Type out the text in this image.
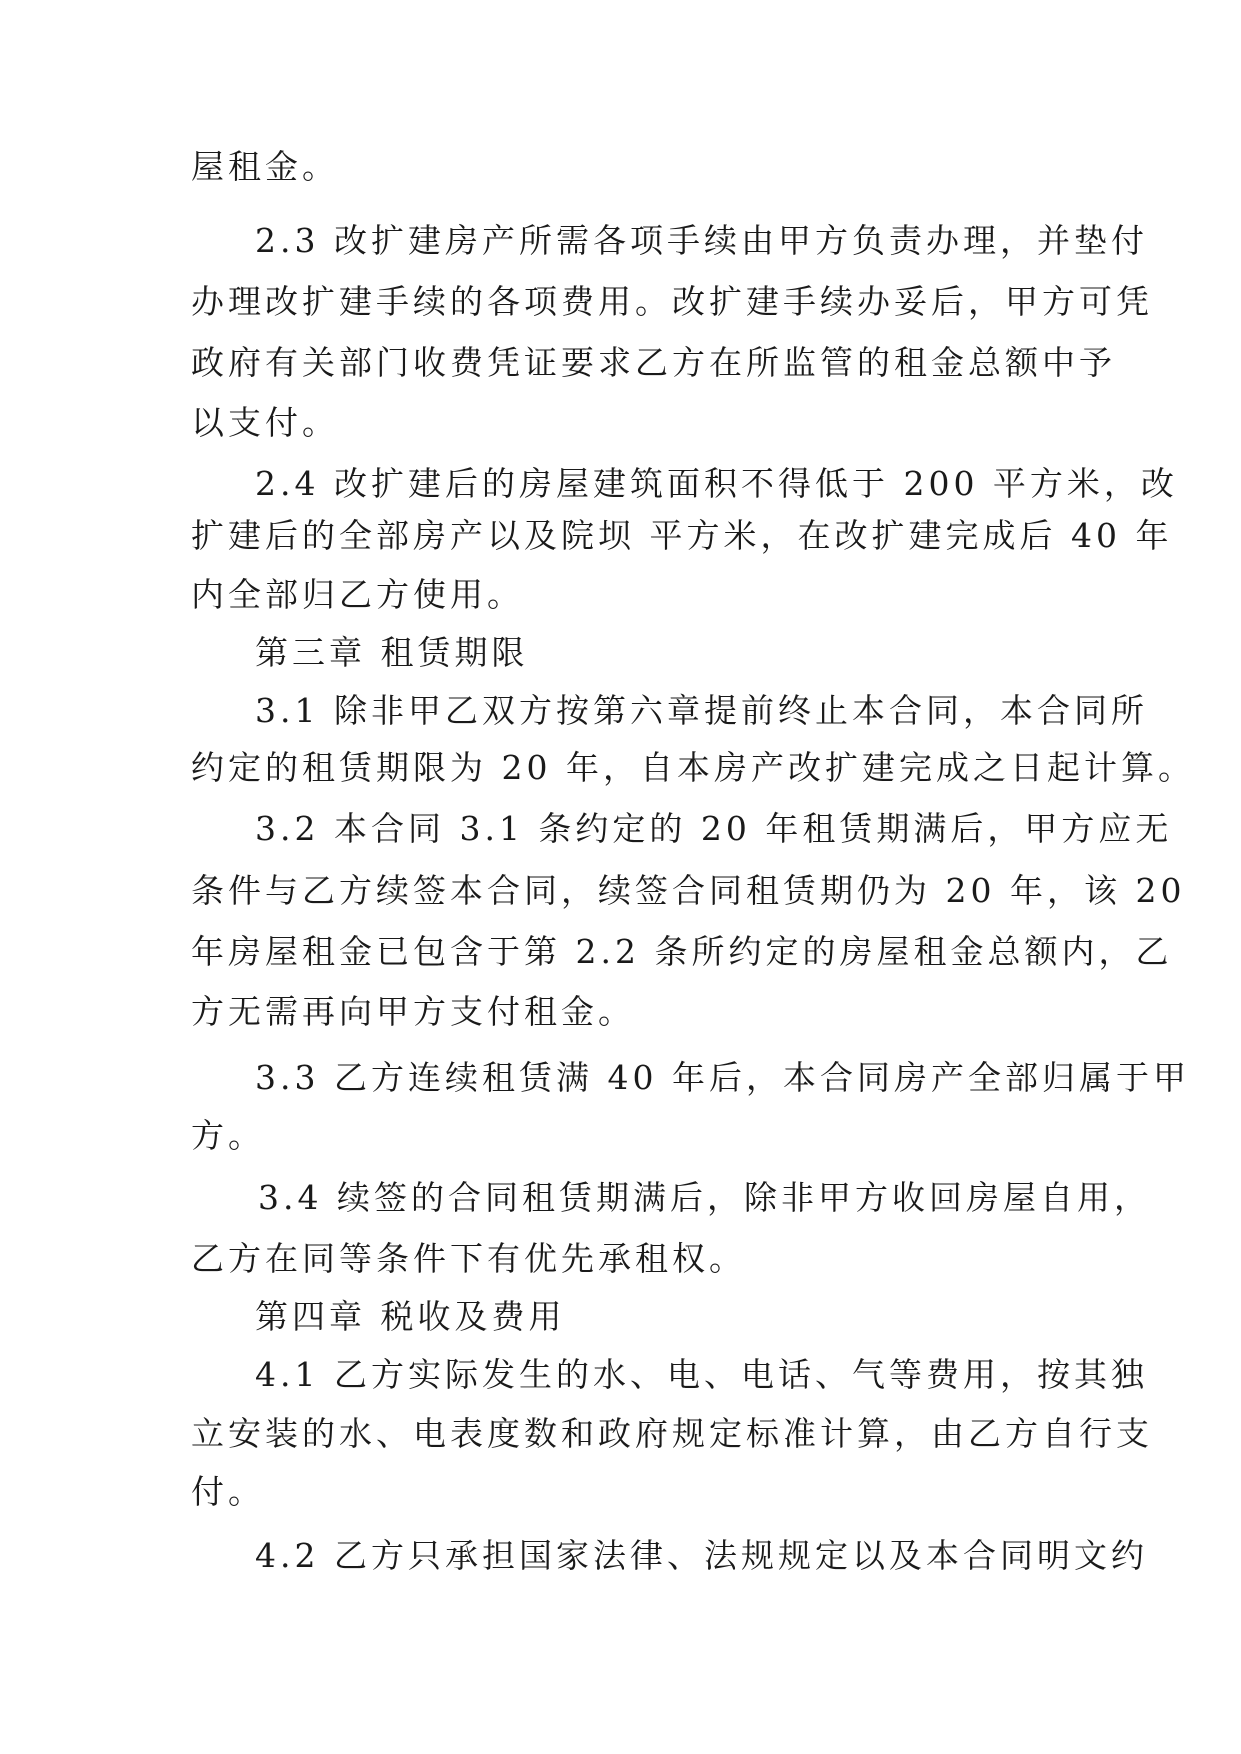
屋租金。
2.3 改扩建房产所需各项手续由甲方负责办理，并垫付
办理改扩建手续的各项费用。改扩建手续办妥后，甲方可凭
政府有关部门收费凭证要求乙方在所监管的租金总额中予
以支付。
2.4 改扩建后的房屋建筑面积不得低于 200 平方米，改
扩建后的全部房产以及院坝 平方米，在改扩建完成后 40 年
内全部归乙方使用。
第三章 租赁期限
3.1 除非甲乙双方按第六章提前终止本合同，本合同所
约定的租赁期限为 20 年，自本房产改扩建完成之日起计算。
3.2 本合同 3.1 条约定的 20 年租赁期满后，甲方应无
条件与乙方续签本合同，续签合同租赁期仍为 20 年，该 20
年房屋租金已包含于第 2.2 条所约定的房屋租金总额内，乙
方无需再向甲方支付租金。
3.3 乙方连续租赁满 40 年后，本合同房产全部归属于甲
方。
3.4 续签的合同租赁期满后，除非甲方收回房屋自用，
乙方在同等条件下有优先承租权。
第四章 税收及费用
4.1 乙方实际发生的水、电、电话、气等费用，按其独
立安装的水、电表度数和政府规定标准计算，由乙方自行支
付。
4.2 乙方只承担国家法律、法规规定以及本合同明文约
